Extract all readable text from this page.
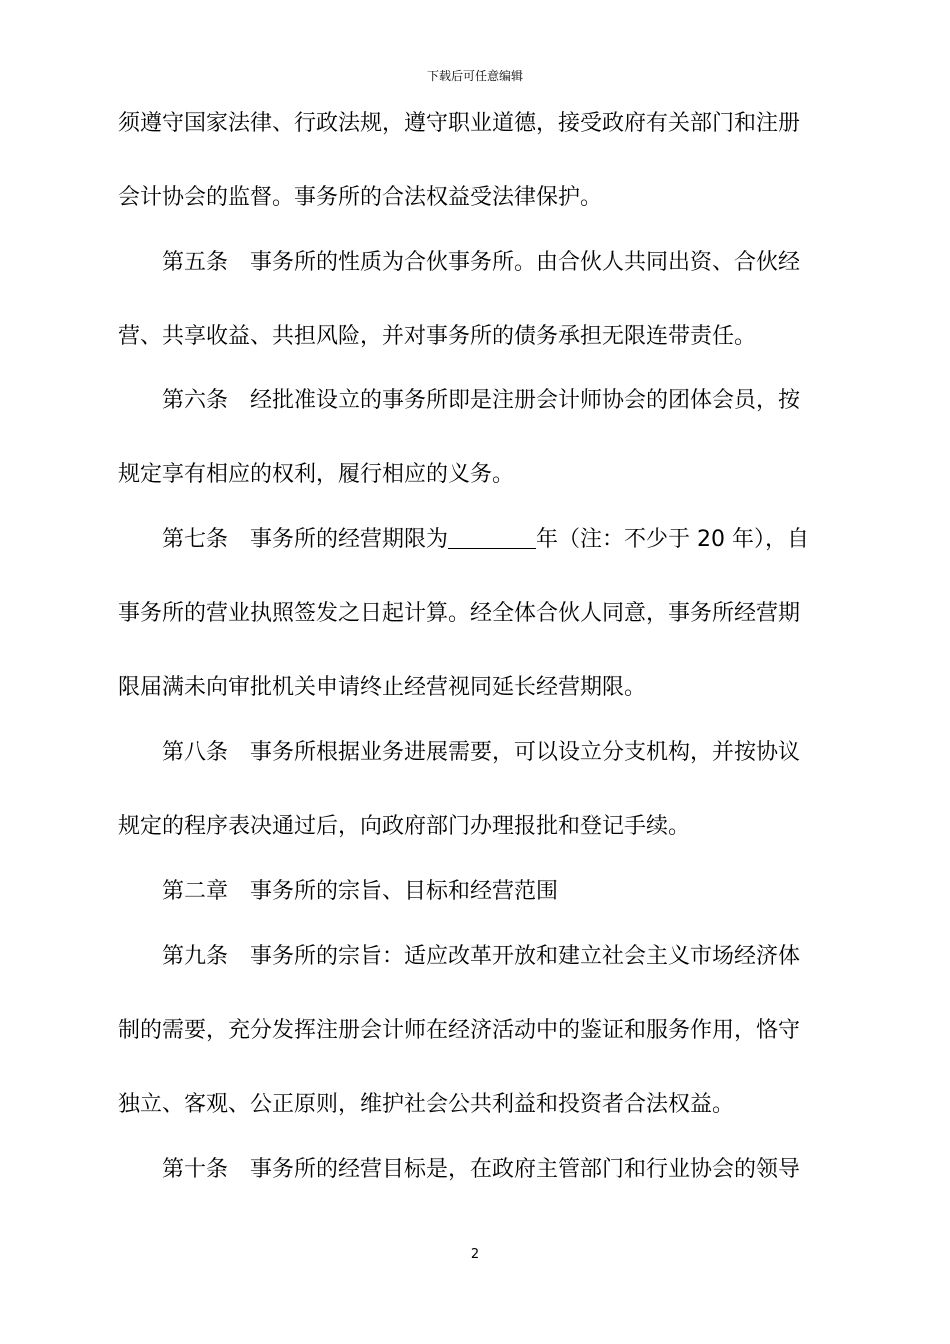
下载后可任意编辑
须遵守国家法律、行政法规，遵守职业道德，接受政府有关部门和注册
会计协会的监督。事务所的合法权益受法律保护。
第五条 事务所的性质为合伙事务所。由合伙人共同出资、合伙经
营、共享收益、共担风险，并对事务所的债务承担无限连带责任。
第六条 经批准设立的事务所即是注册会计师协会的团体会员，按
规定享有相应的权利，履行相应的义务。
第七条 事务所的经营期限为	年（注：不少于 20 年），自
事务所的营业执照签发之日起计算。经全体合伙人同意，事务所经营期
限届满未向审批机关申请终止经营视同延长经营期限。
第八条 事务所根据业务进展需要，可以设立分支机构，并按协议
规定的程序表决通过后，向政府部门办理报批和登记手续。
第二章 事务所的宗旨、目标和经营范围
第九条 事务所的宗旨：适应改革开放和建立社会主义市场经济体
制的需要，充分发挥注册会计师在经济活动中的鉴证和服务作用，恪守
独立、客观、公正原则，维护社会公共利益和投资者合法权益。
第十条 事务所的经营目标是，在政府主管部门和行业协会的领导
2
